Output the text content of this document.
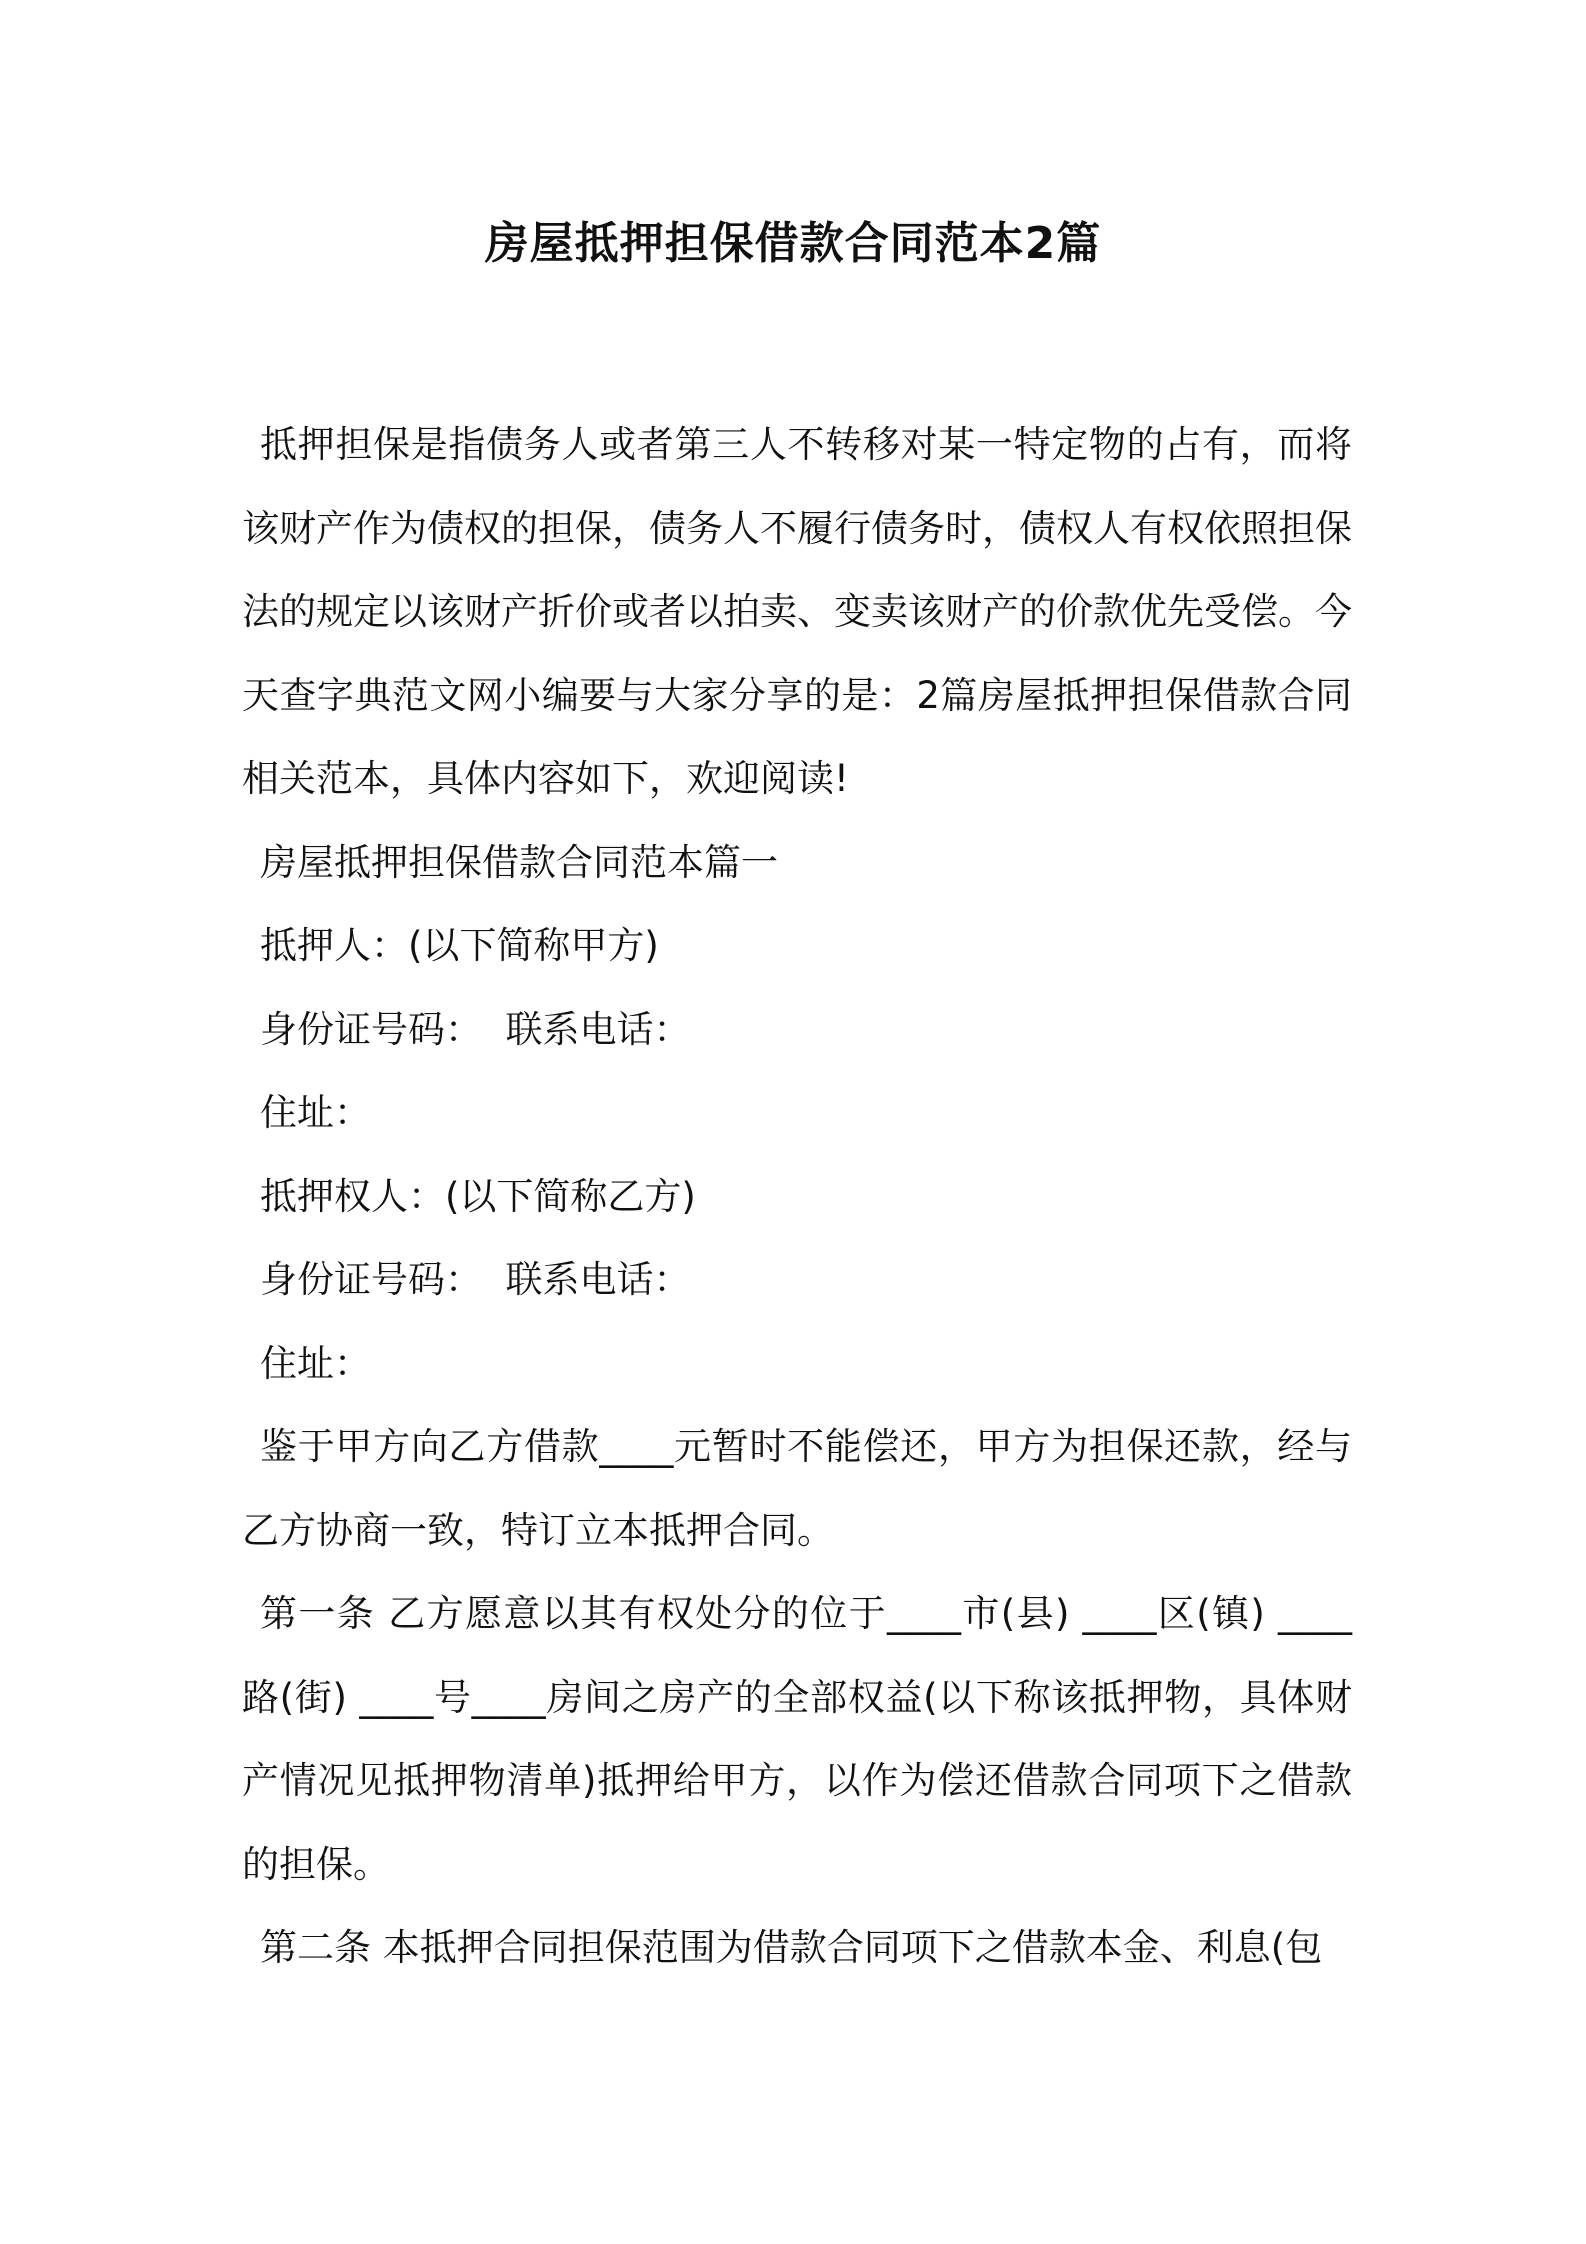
房屋抵押担保借款合同范本2篇

抵押担保是指债务人或者第三人不转移对某一特定物的占有，而将该财产作为债权的担保，债务人不履行债务时，债权人有权依照担保法的规定以该财产折价或者以拍卖、变卖该财产的价款优先受偿。今天查字典范文网小编要与大家分享的是：2篇房屋抵押担保借款合同相关范本，具体内容如下，欢迎阅读!

房屋抵押担保借款合同范本篇一

抵押人：(以下简称甲方)

身份证号码：  联系电话：

住址：

抵押权人：(以下简称乙方)

身份证号码：  联系电话：

住址：

鉴于甲方向乙方借款____元暂时不能偿还，甲方为担保还款，经与乙方协商一致，特订立本抵押合同。

第一条 乙方愿意以其有权处分的位于____市(县) ____区(镇) ____路(街) ____号____房间之房产的全部权益(以下称该抵押物，具体财产情况见抵押物清单)抵押给甲方，以作为偿还借款合同项下之借款的担保。

第二条 本抵押合同担保范围为借款合同项下之借款本金、利息(包
